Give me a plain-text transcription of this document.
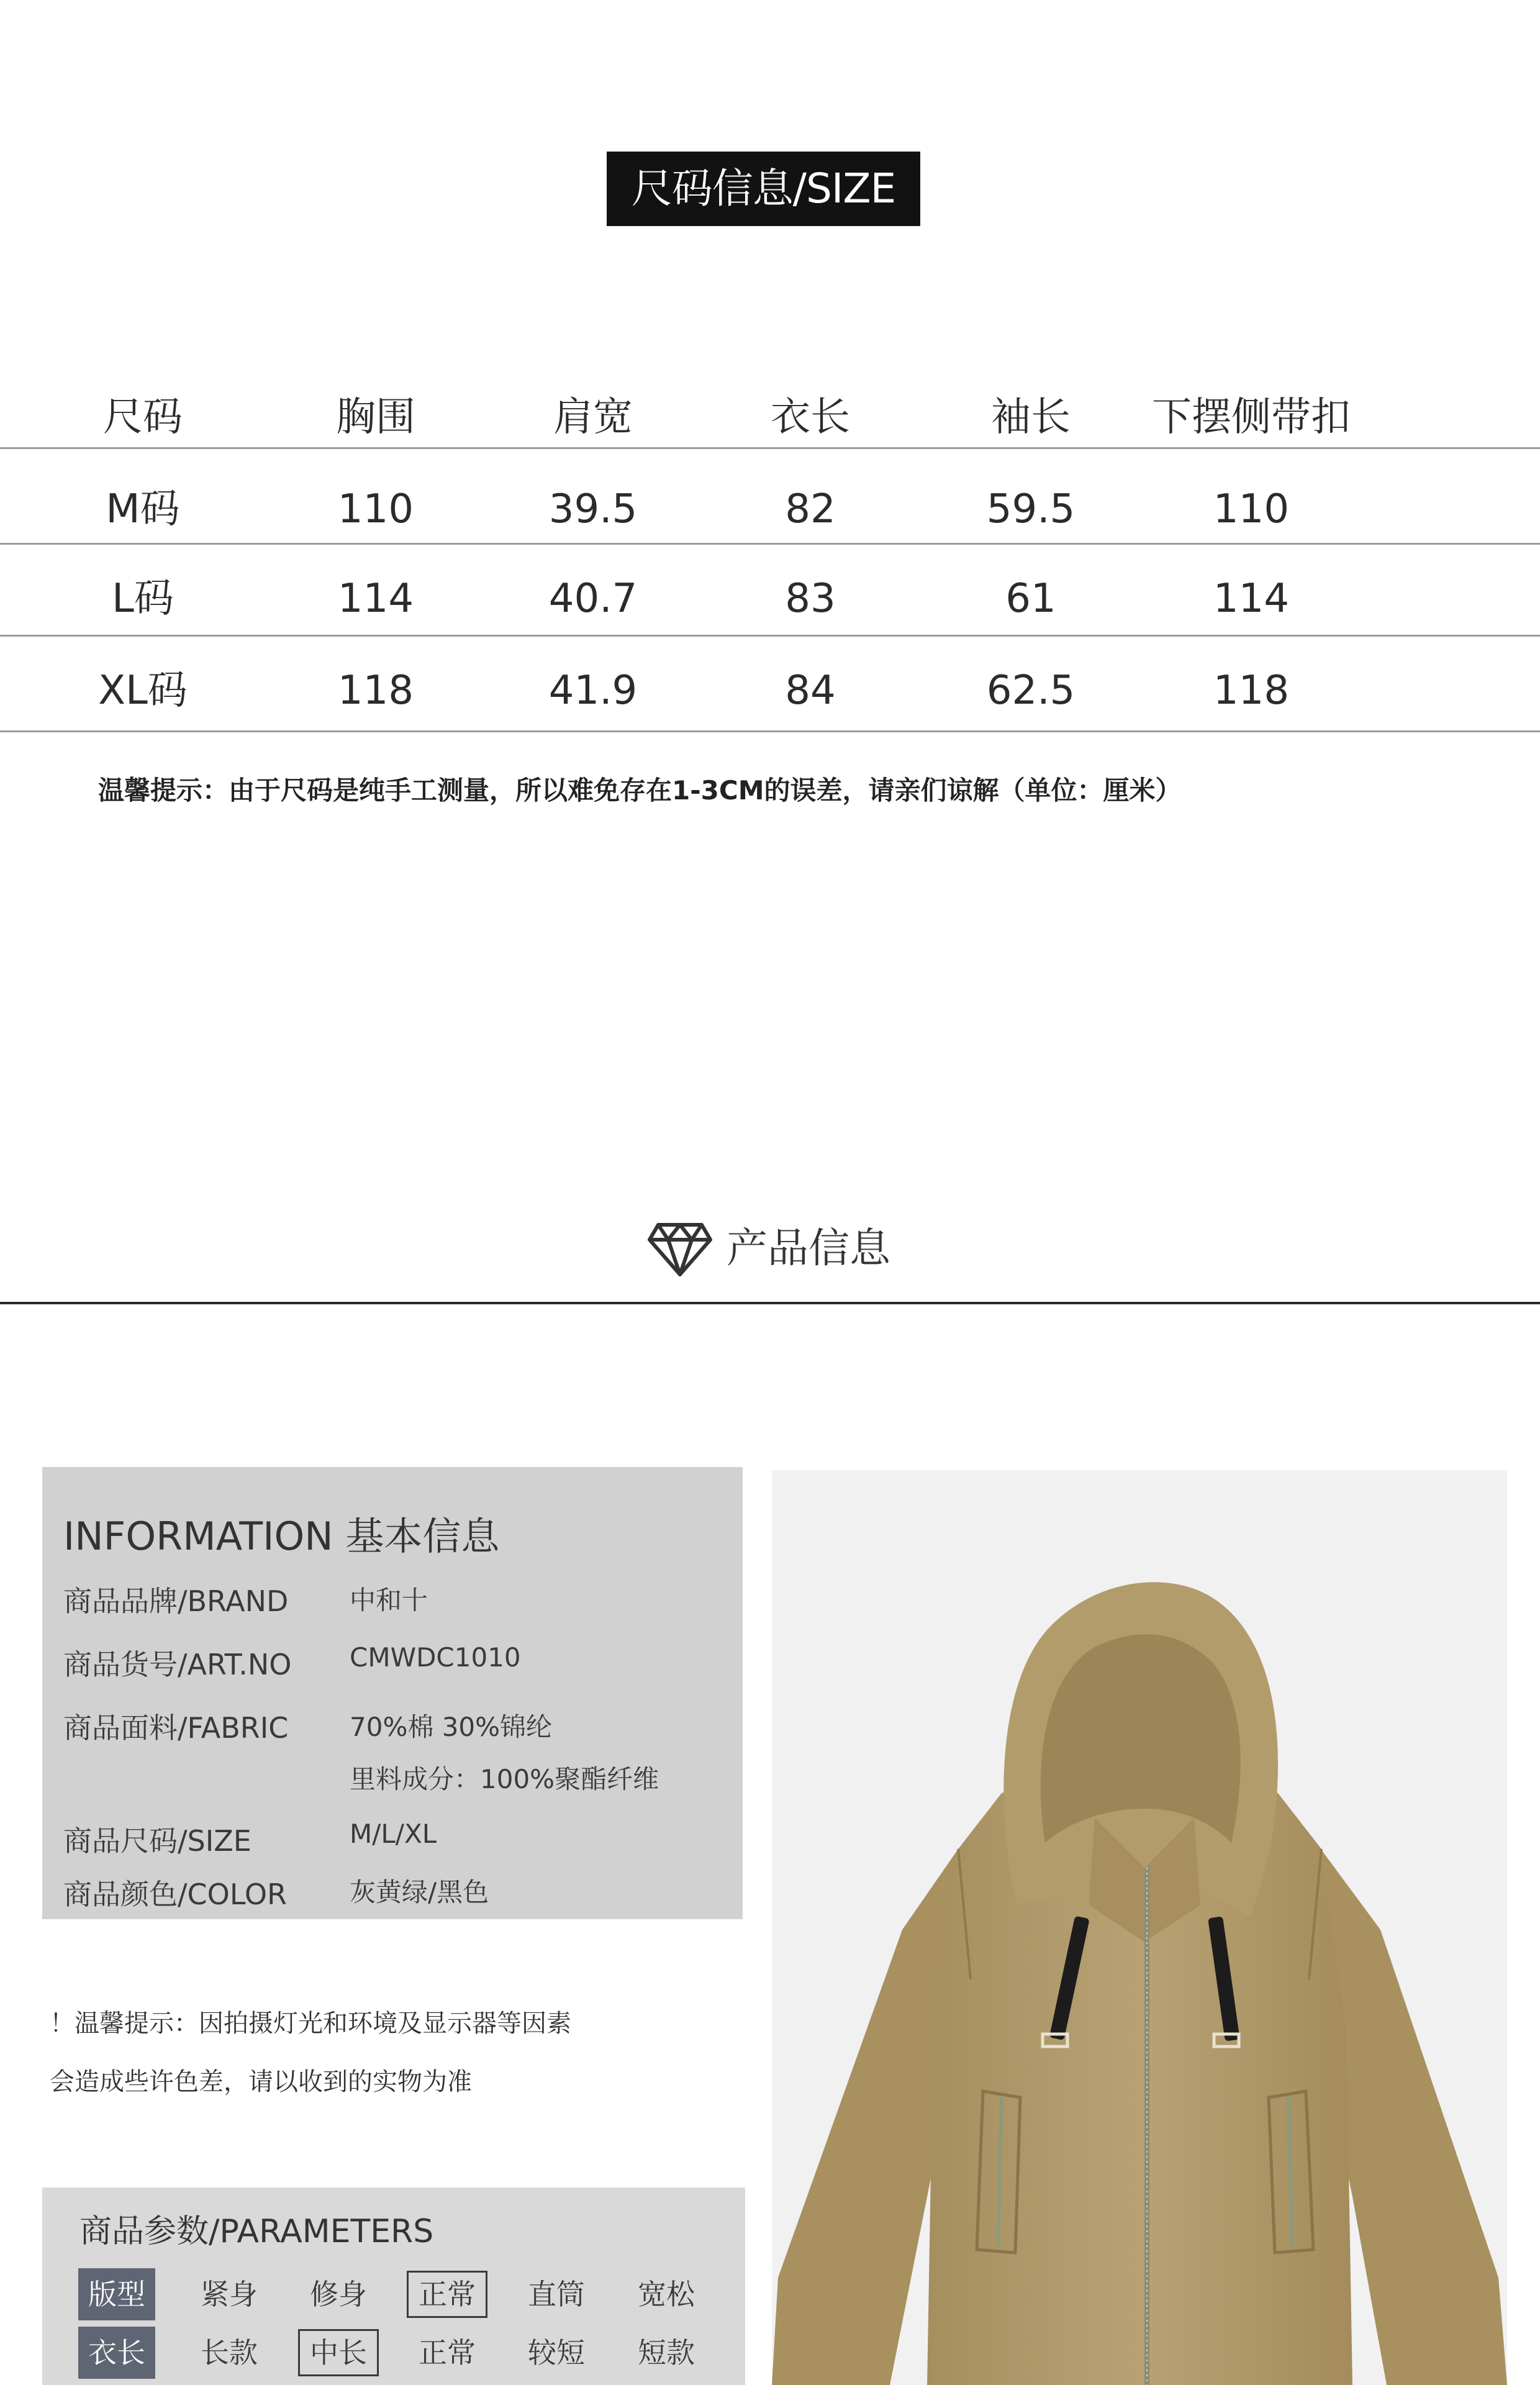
尺码信息/SIZE
尺码	胸围	肩宽	衣长	袖长	下摆侧带扣
M码	110	39.5	82	59.5	110
L码	114	40.7	83	61	114
XL码	118	41.9	84	62.5	118
温馨提示：由于尺码是纯手工测量，所以难免存在1-3CM的误差，请亲们谅解（单位：厘米）
产品信息
INFORMATION 基本信息
商品品牌/BRAND 中和十
商品货号/ART.NO CMWDC1010
商品面料/FABRIC 70%棉 30%锦纶
里料成分：100%聚酯纤维
商品尺码/SIZE	M/L/XL
商品颜色/COLOR 灰黄绿/黑色
！温馨提示：因拍摄灯光和环境及显示器等因素
会造成些许色差，请以收到的实物为准
商品参数/PARAMETERS
版型	紧身	修身	正常	直筒	宽松
衣长	长款	中长	正常	较短	短款
